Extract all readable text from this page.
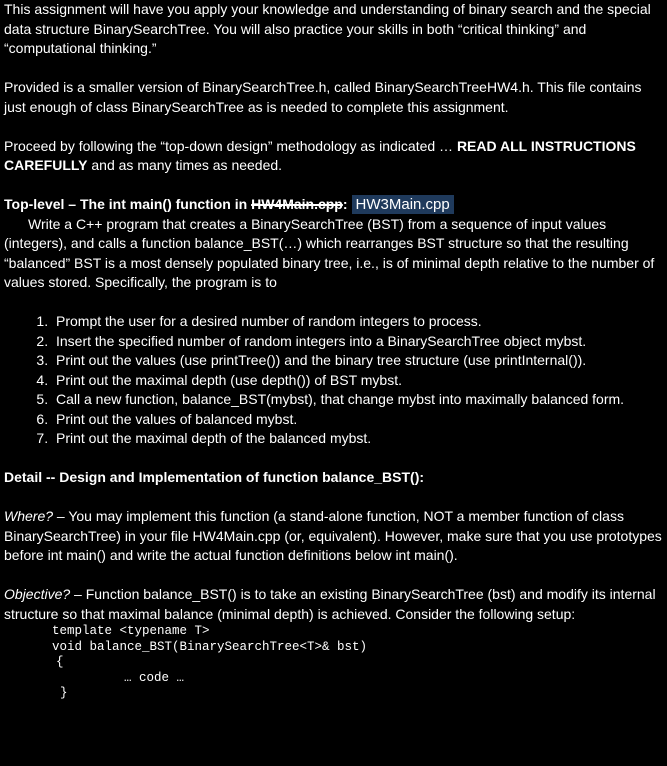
This assignment will have you apply your knowledge and understanding of binary search and the special data structure BinarySearchTree. You will also practice your skills in both “critical thinking” and “computational thinking.”

Provided is a smaller version of BinarySearchTree.h, called BinarySearchTreeHW4.h. This file contains just enough of class BinarySearchTree as is needed to complete this assignment.

Proceed by following the “top-down design” methodology as indicated … READ ALL INSTRUCTIONS CAREFULLY and as many times as needed.

Top-level – The int main() function in HW4Main.cpp: HW3Main.cpp

Write a C++ program that creates a BinarySearchTree (BST) from a sequence of input values (integers), and calls a function balance_BST(…) which rearranges BST structure so that the resulting “balanced” BST is a most densely populated binary tree, i.e., is of minimal depth relative to the number of values stored. Specifically, the program is to

1. Prompt the user for a desired number of random integers to process.
2. Insert the specified number of random integers into a BinarySearchTree object mybst.
3. Print out the values (use printTree()) and the binary tree structure (use printInternal()).
4. Print out the maximal depth (use depth()) of BST mybst.
5. Call a new function, balance_BST(mybst), that change mybst into maximally balanced form.
6. Print out the values of balanced mybst.
7. Print out the maximal depth of the balanced mybst.

Detail -- Design and Implementation of function balance_BST():

Where? – You may implement this function (a stand-alone function, NOT a member function of class BinarySearchTree) in your file HW4Main.cpp (or, equivalent). However, make sure that you use prototypes before int main() and write the actual function definitions below int main().

Objective? – Function balance_BST() is to take an existing BinarySearchTree (bst) and modify its internal structure so that maximal balance (minimal depth) is achieved. Consider the following setup:

template <typename T>
void balance_BST(BinarySearchTree<T>& bst)
{
… code …
}
